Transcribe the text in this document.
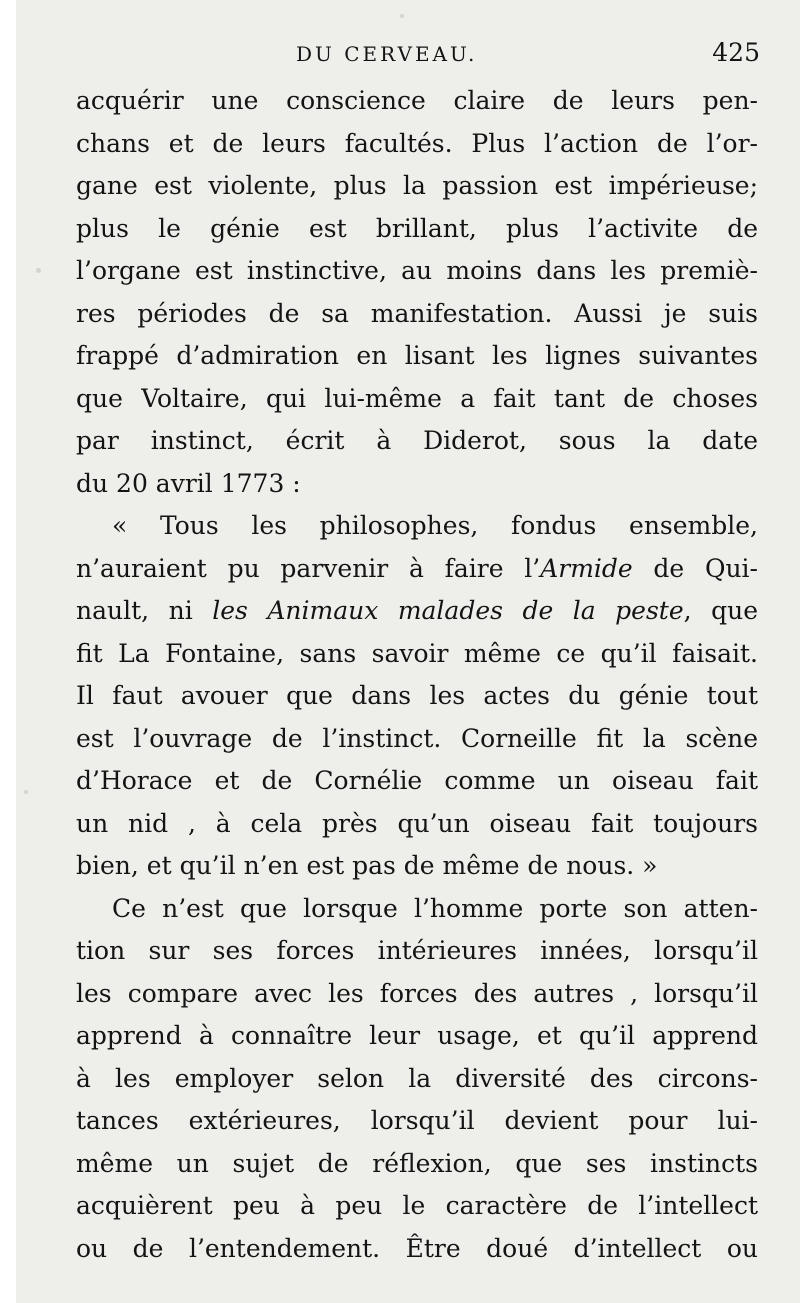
DU CERVEAU.	425
acquérir une conscience claire de leurs pen-
chans et de leurs facultés. Plus l’action de l’or-
gane est violente, plus la passion est impérieuse;
plus le génie est brillant, plus l’activite de
l’organe est instinctive, au moins dans les premiè-
res périodes de sa manifestation. Aussi je suis
frappé d’admiration en lisant les lignes suivantes
que Voltaire, qui lui-même a fait tant de choses
par instinct, écrit à Diderot, sous la date
du 20 avril 1773 :
« Tous les philosophes, fondus ensemble,
n’auraient pu parvenir à faire l’Armide de Qui-
nault, ni les Animaux malades de la peste, que
fit La Fontaine, sans savoir même ce qu’il faisait.
Il faut avouer que dans les actes du génie tout
est l’ouvrage de l’instinct. Corneille fit la scène
d’Horace et de Cornélie comme un oiseau fait
un nid , à cela près qu’un oiseau fait toujours
bien, et qu’il n’en est pas de même de nous. »
Ce n’est que lorsque l’homme porte son atten-
tion sur ses forces intérieures innées, lorsqu’il
les compare avec les forces des autres , lorsqu’il
apprend à connaître leur usage, et qu’il apprend
à les employer selon la diversité des circons-
tances extérieures, lorsqu’il devient pour lui-
même un sujet de réflexion, que ses instincts
acquièrent peu à peu le caractère de l’intellect
ou de l’entendement. Être doué d’intellect ou
